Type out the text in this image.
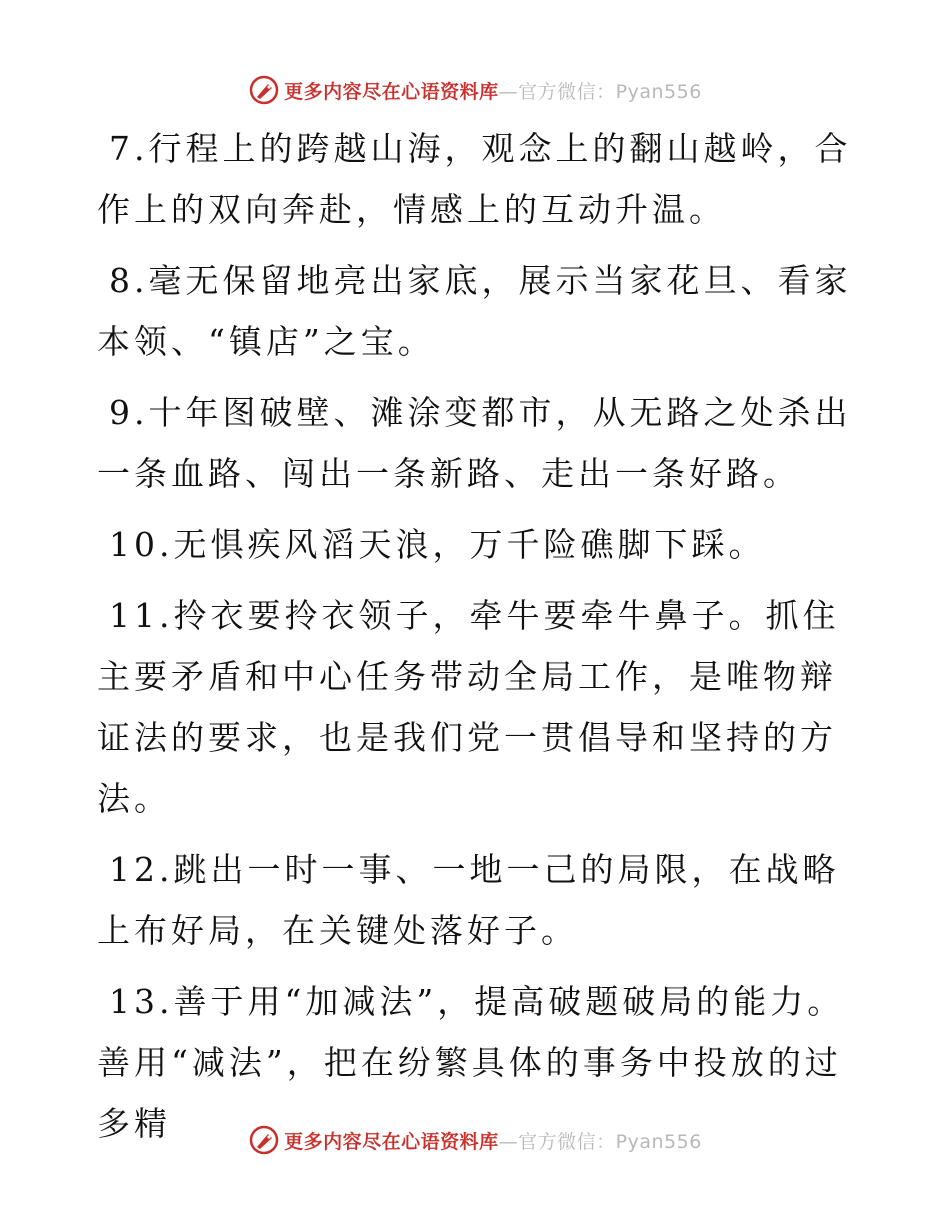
更多内容尽在心语资料库—官方微信：Pyan556

7.行程上的跨越山海，观念上的翻山越岭，合作上的双向奔赴，情感上的互动升温。

8.毫无保留地亮出家底，展示当家花旦、看家本领、“镇店”之宝。

9.十年图破壁、滩涂变都市，从无路之处杀出一条血路、闯出一条新路、走出一条好路。

10.无惧疾风滔天浪，万千险礁脚下踩。

11.拎衣要拎衣领子，牵牛要牵牛鼻子。抓住主要矛盾和中心任务带动全局工作，是唯物辩证法的要求，也是我们党一贯倡导和坚持的方法。

12.跳出一时一事、一地一己的局限，在战略上布好局，在关键处落好子。

13.善于用“加减法”，提高破题破局的能力。善用“减法”，把在纷繁具体的事务中投放的过多精	更多内容尽在心语资料库—官方微信：Pyan556
